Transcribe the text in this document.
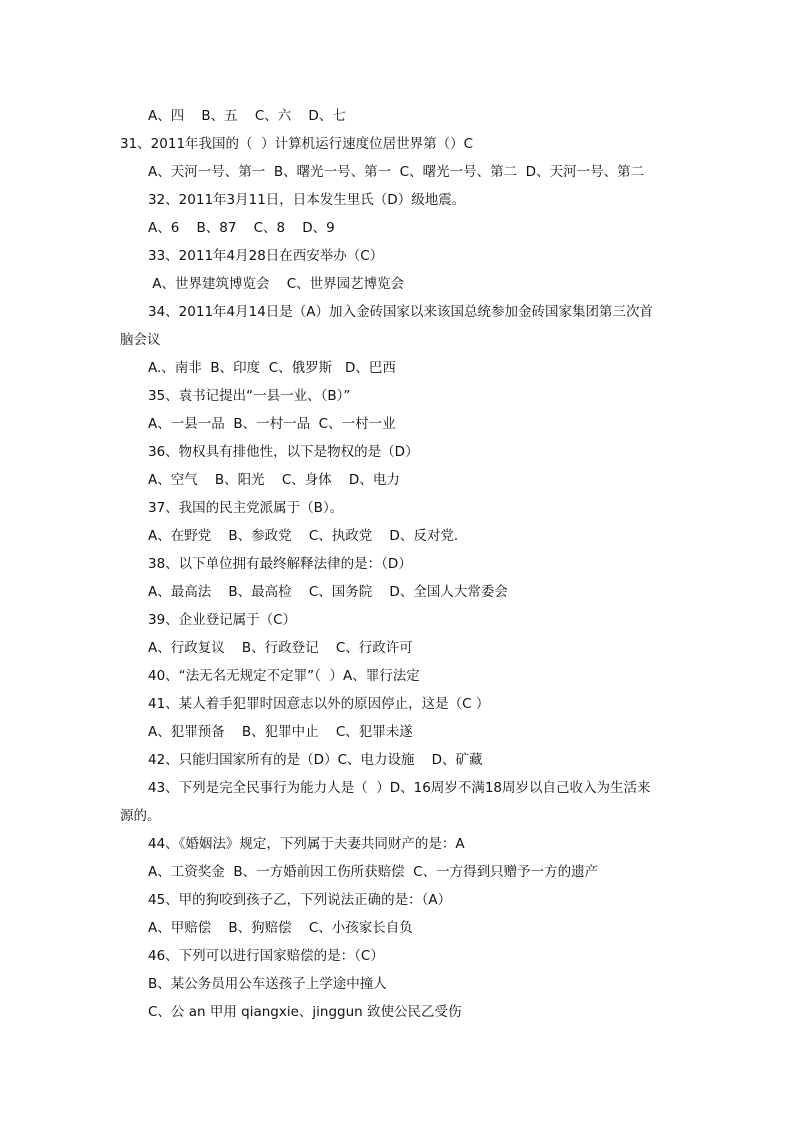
A、四    B、五    C、六    D、七
31、2011年我国的（  ）计算机运行速度位居世界第（）C
A、天河一号、第一  B、曙光一号、第一  C、曙光一号、第二  D、天河一号、第二
32、2011年3月11日，日本发生里氏（D）级地震。
A、6    B、87    C、8    D、9
33、2011年4月28日在西安举办（C）
A、世界建筑博览会    C、世界园艺博览会
34、2011年4月14日是（A）加入金砖国家以来该国总统参加金砖国家集团第三次首
脑会议
A.、南非  B、印度  C、俄罗斯   D、巴西
35、袁书记提出“一县一业、（B）”
A、一县一品  B、一村一品  C、一村一业
36、物权具有排他性，以下是物权的是（D）
A、空气    B、阳光    C、身体    D、电力
37、我国的民主党派属于（B）。
A、在野党    B、参政党    C、执政党    D、反对党.
38、以下单位拥有最终解释法律的是：（D）
A、最高法    B、最高检    C、国务院    D、全国人大常委会
39、企业登记属于（C）
A、行政复议    B、行政登记    C、行政许可
40、“法无名无规定不定罪”（  ）A、罪行法定
41、某人着手犯罪时因意志以外的原因停止，这是（C ）
A、犯罪预备    B、犯罪中止    C、犯罪未遂
42、只能归国家所有的是（D）C、电力设施    D、矿藏
43、下列是完全民事行为能力人是（  ）D、16周岁不满18周岁以自己收入为生活来
源的。
44、《婚姻法》规定，下列属于夫妻共同财产的是：A
A、工资奖金  B、一方婚前因工伤所获赔偿  C、一方得到只赠予一方的遗产
45、甲的狗咬到孩子乙，下列说法正确的是：（A）
A、甲赔偿    B、狗赔偿    C、小孩家长自负
46、下列可以进行国家赔偿的是：（C）
B、某公务员用公车送孩子上学途中撞人
C、公 an 甲用 qiangxie、jinggun 致使公民乙受伤
